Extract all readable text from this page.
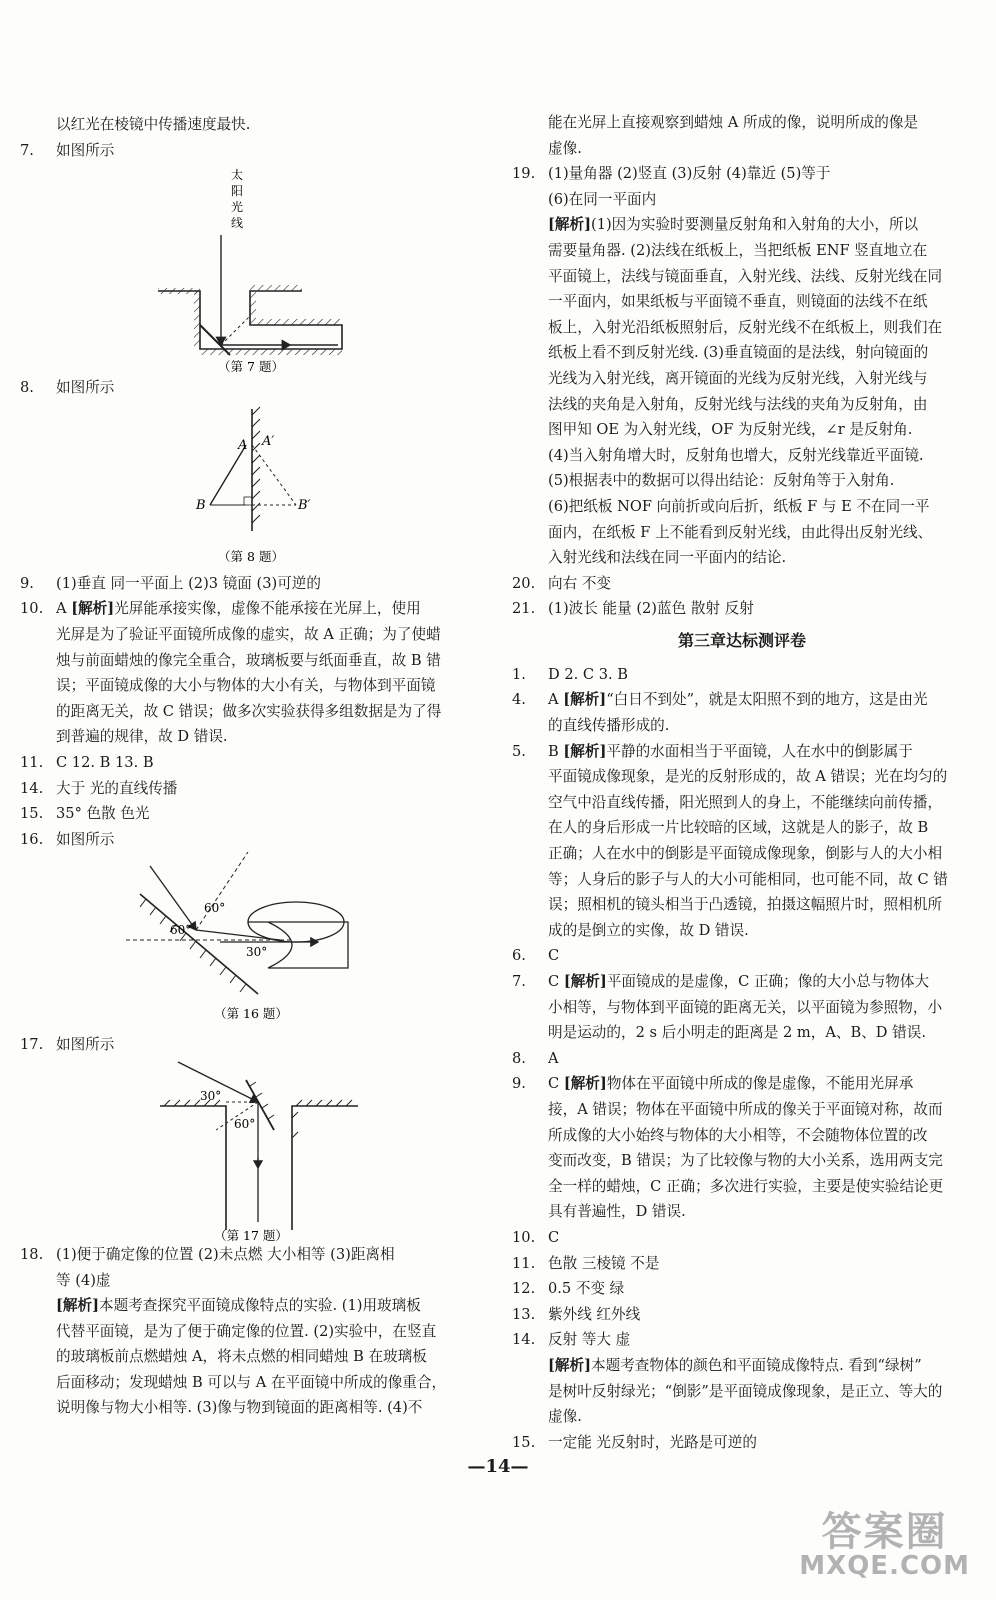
以红光在棱镜中传播速度最快.
7. 如图所示
太
阳
光
线
（第 7 题）
8. 如图所示
A A′
B	B′
（第 8 题）
9. (1)垂直 同一平面上 (2)3 镜面 (3)可逆的
10. A [解析]光屏能承接实像，虚像不能承接在光屏上，使用
光屏是为了验证平面镜所成像的虚实，故 A 正确；为了使蜡
烛与前面蜡烛的像完全重合，玻璃板要与纸面垂直，故 B 错
误；平面镜成像的大小与物体的大小有关，与物体到平面镜
的距离无关，故 C 错误；做多次实验获得多组数据是为了得
到普遍的规律，故 D 错误.
11. C 12. B 13. B
14. 大于 光的直线传播
15. 35° 色散 色光
16. 如图所示
60°
60°
30°
（第 16 题）
17. 如图所示
30°
60°
（第 17 题）
18. (1)便于确定像的位置 (2)未点燃 大小相等 (3)距离相
等 (4)虚
[解析]本题考查探究平面镜成像特点的实验. (1)用玻璃板
代替平面镜，是为了便于确定像的位置. (2)实验中，在竖直
的玻璃板前点燃蜡烛 A，将未点燃的相同蜡烛 B 在玻璃板
后面移动；发现蜡烛 B 可以与 A 在平面镜中所成的像重合，
说明像与物大小相等. (3)像与物到镜面的距离相等. (4)不
能在光屏上直接观察到蜡烛 A 所成的像，说明所成的像是
虚像.
19. (1)量角器 (2)竖直 (3)反射 (4)靠近 (5)等于
(6)在同一平面内
[解析](1)因为实验时要测量反射角和入射角的大小，所以
需要量角器. (2)法线在纸板上，当把纸板 ENF 竖直地立在
平面镜上，法线与镜面垂直，入射光线、法线、反射光线在同
一平面内，如果纸板与平面镜不垂直，则镜面的法线不在纸
板上，入射光沿纸板照射后，反射光线不在纸板上，则我们在
纸板上看不到反射光线. (3)垂直镜面的是法线，射向镜面的
光线为入射光线，离开镜面的光线为反射光线，入射光线与
法线的夹角是入射角，反射光线与法线的夹角为反射角，由
图甲知 OE 为入射光线，OF 为反射光线，∠r 是反射角.
(4)当入射角增大时，反射角也增大，反射光线靠近平面镜.
(5)根据表中的数据可以得出结论：反射角等于入射角.
(6)把纸板 NOF 向前折或向后折，纸板 F 与 E 不在同一平
面内，在纸板 F 上不能看到反射光线，由此得出反射光线、
入射光线和法线在同一平面内的结论.
20. 向右 不变
21. (1)波长 能量 (2)蓝色 散射 反射
第三章达标测评卷
1. D 2. C 3. B
4. A [解析]“白日不到处”，就是太阳照不到的地方，这是由光
的直线传播形成的.
5. B [解析]平静的水面相当于平面镜，人在水中的倒影属于
平面镜成像现象，是光的反射形成的，故 A 错误；光在均匀的
空气中沿直线传播，阳光照到人的身上，不能继续向前传播，
在人的身后形成一片比较暗的区域，这就是人的影子，故 B
正确；人在水中的倒影是平面镜成像现象，倒影与人的大小相
等；人身后的影子与人的大小可能相同，也可能不同，故 C 错
误；照相机的镜头相当于凸透镜，拍摄这幅照片时，照相机所
成的是倒立的实像，故 D 错误.
6. C
7. C [解析]平面镜成的是虚像，C 正确；像的大小总与物体大
小相等，与物体到平面镜的距离无关，以平面镜为参照物，小
明是运动的，2 s 后小明走的距离是 2 m，A、B、D 错误.
8. A
9. C [解析]物体在平面镜中所成的像是虚像，不能用光屏承
接，A 错误；物体在平面镜中所成的像关于平面镜对称，故而
所成像的大小始终与物体的大小相等，不会随物体位置的改
变而改变，B 错误；为了比较像与物的大小关系，选用两支完
全一样的蜡烛，C 正确；多次进行实验，主要是使实验结论更
具有普遍性，D 错误.
10. C
11. 色散 三棱镜 不是
12. 0.5 不变 绿
13. 紫外线 红外线
14. 反射 等大 虚
[解析]本题考查物体的颜色和平面镜成像特点. 看到“绿树”
是树叶反射绿光；“倒影”是平面镜成像现象，是正立、等大的
虚像.
15. 一定能 光反射时，光路是可逆的
—14—
答案圈
MXQE.COM
